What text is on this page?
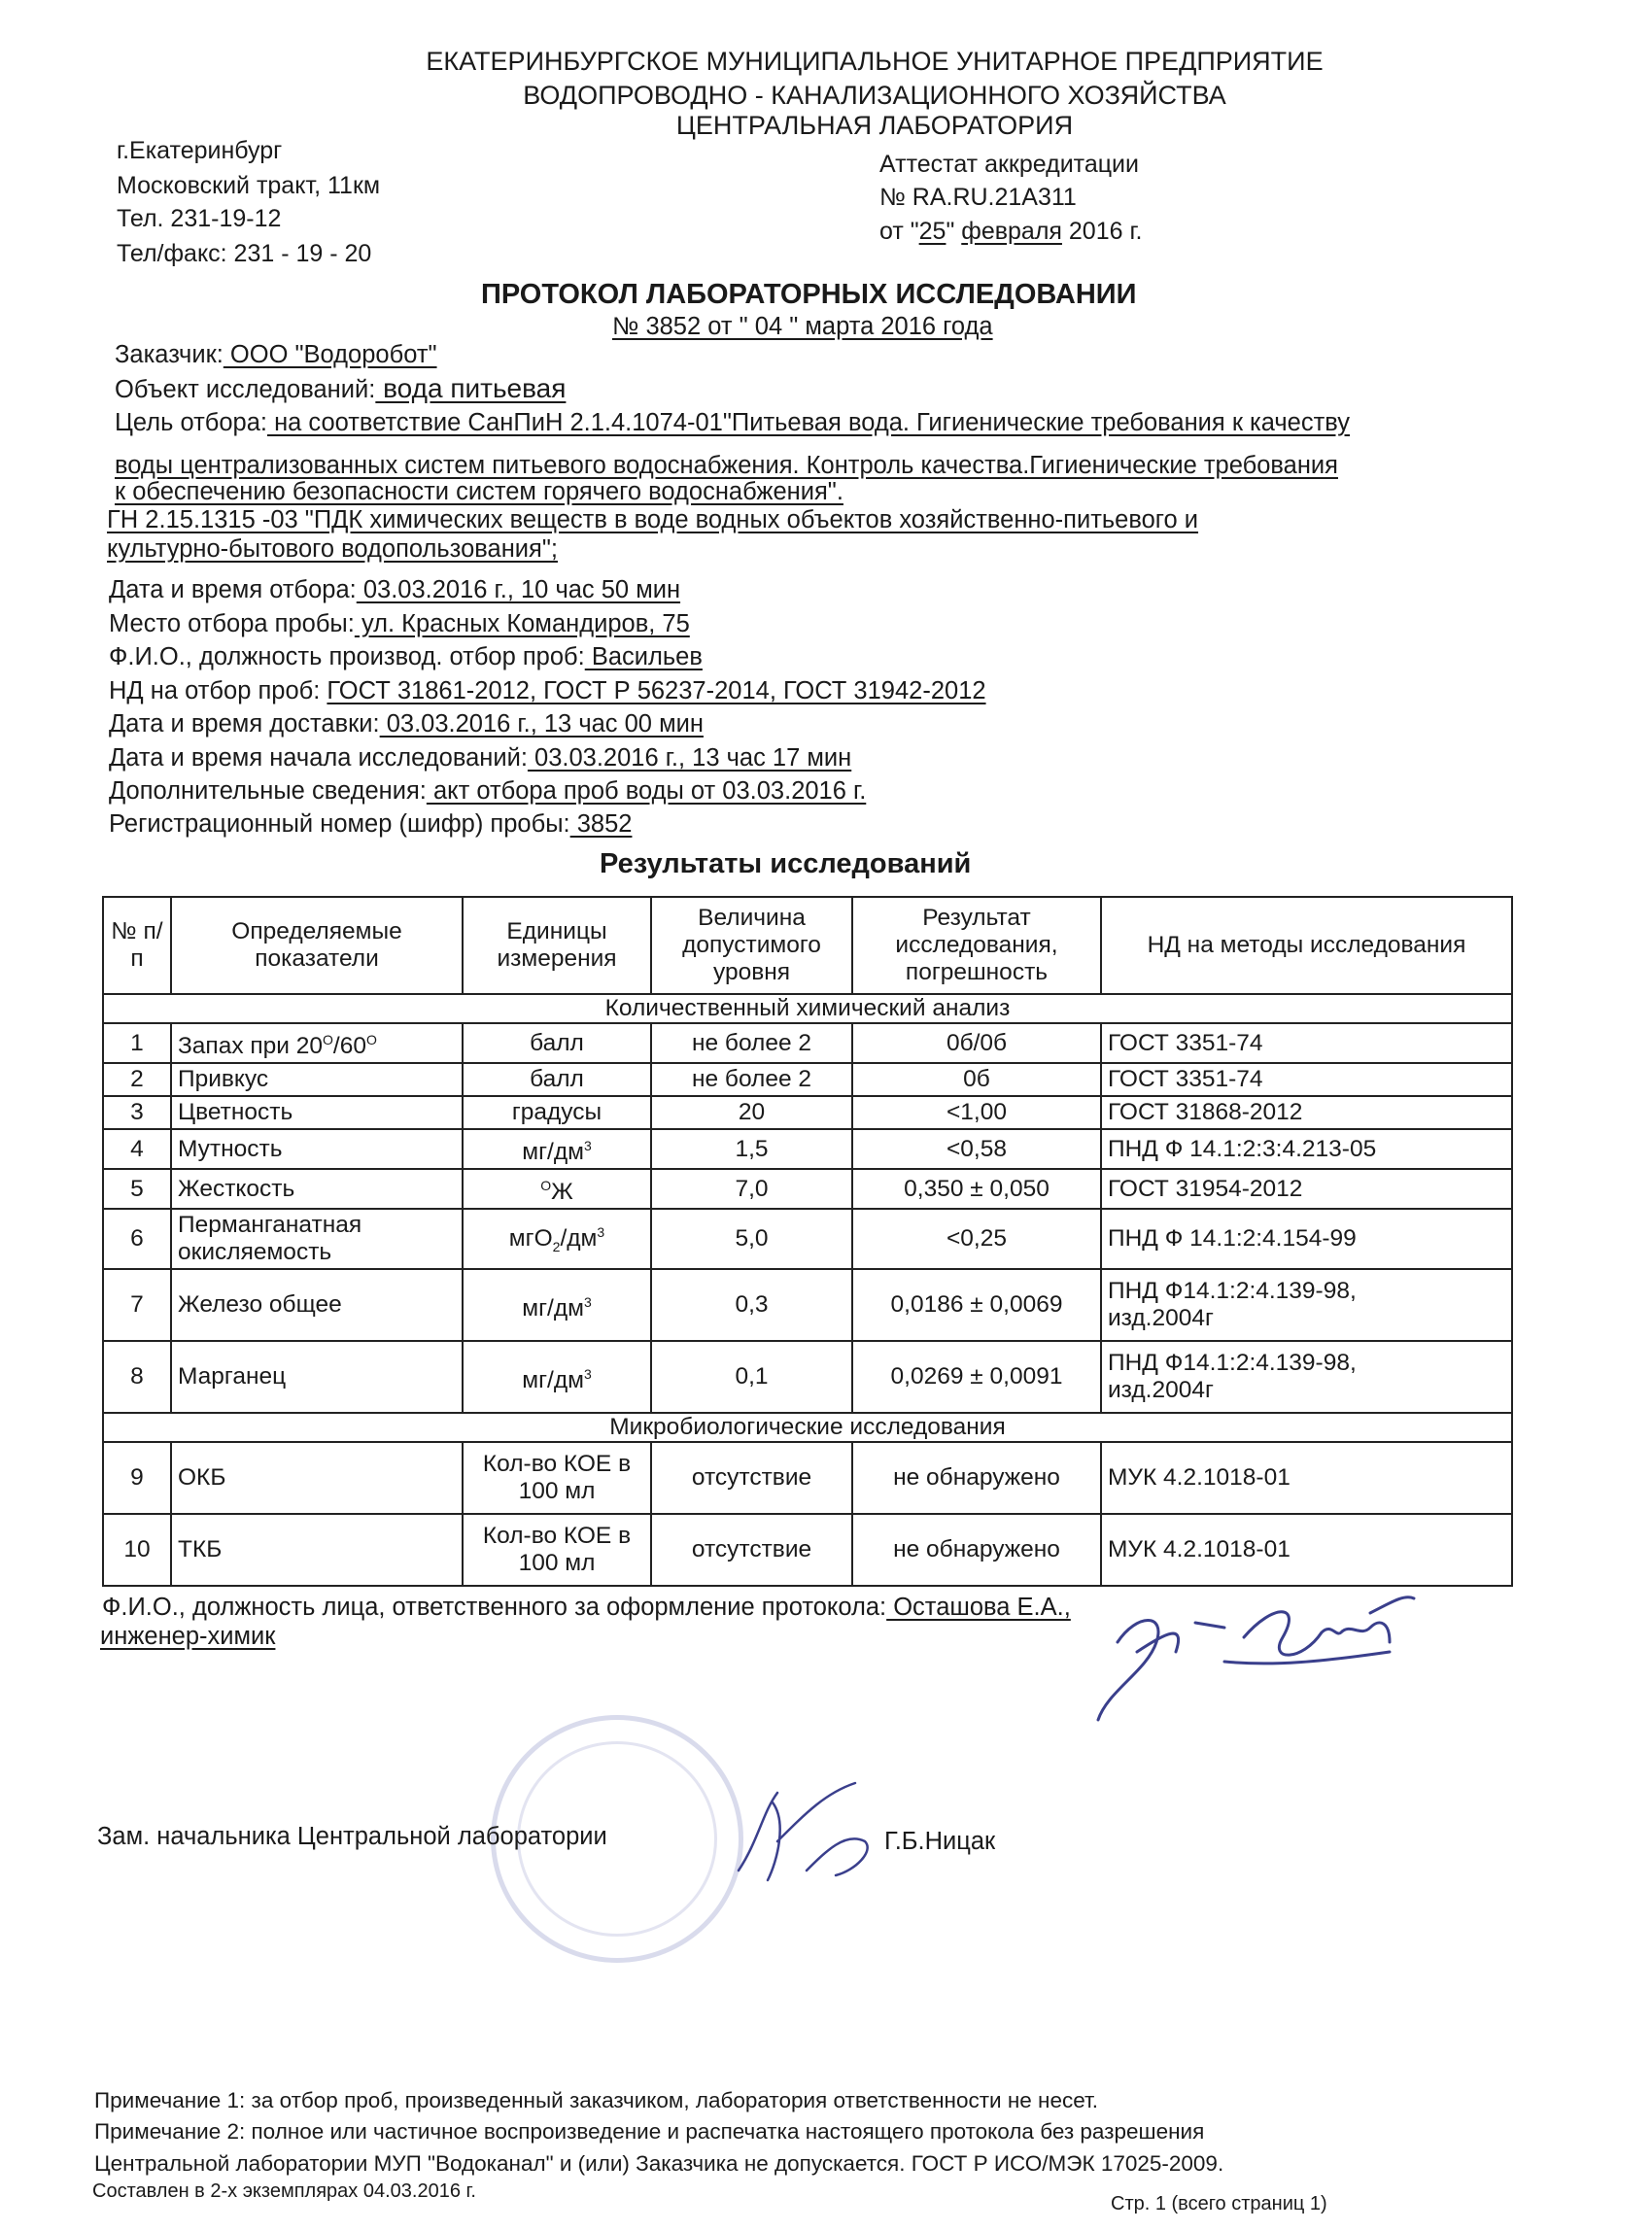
ЕКАТЕРИНБУРГСКОЕ МУНИЦИПАЛЬНОЕ УНИТАРНОЕ ПРЕДПРИЯТИЕ
ВОДОПРОВОДНО - КАНАЛИЗАЦИОННОГО ХОЗЯЙСТВА
ЦЕНТРАЛЬНАЯ ЛАБОРАТОРИЯ
г.Екатеринбург
Московский тракт, 11км
Тел. 231-19-12
Тел/факс: 231 - 19 - 20
Аттестат аккредитации
№ RA.RU.21A311
от "25" февраля 2016 г.
ПРОТОКОЛ ЛАБОРАТОРНЫХ ИССЛЕДОВАНИИ
№ 3852 от " 04 " марта 2016 года
Заказчик: ООО "Водоробот"
Объект исследований: вода питьевая
Цель отбора: на соответствие СанПиН 2.1.4.1074-01"Питьевая вода. Гигиенические требования к качеству
воды централизованных систем питьевого водоснабжения. Контроль качества.Гигиенические требования
к обеспечению безопасности систем горячего водоснабжения".
ГН 2.15.1315 -03 "ПДК химических веществ в воде водных объектов хозяйственно-питьевого и
культурно-бытового водопользования";
Дата и время отбора: 03.03.2016 г., 10 час 50 мин
Место отбора пробы: ул. Красных Командиров, 75
Ф.И.О., должность производ. отбор проб: Васильев
НД на отбор проб: ГОСТ 31861-2012, ГОСТ Р 56237-2014, ГОСТ 31942-2012
Дата и время доставки: 03.03.2016 г., 13 час 00 мин
Дата и время начала исследований: 03.03.2016 г., 13 час 17 мин
Дополнительные сведения: акт отбора проб воды от 03.03.2016 г.
Регистрационный номер (шифр) пробы: 3852
Результаты исследований
№ п/п	Определяемые показатели	Единицы измерения	Величина допустимого уровня	Результат исследования, погрешность	НД на методы исследования
Количественный химический анализ					
1	Запах при $20^О/60^О$	балл	не более 2	0б/0б	ГОСТ 3351-74
2	Привкус	балл	не более 2	0б	ГОСТ 3351-74
3	Цветность	градусы	20	<1,00	ГОСТ 31868-2012
4	Мутность	$мг/дм^3$	1,5	<0,58	ПНД Ф 14.1:2:3:4.213-05
5	Жесткость	$^О$Ж	7,0	0,350 ± 0,050	ГОСТ 31954-2012
6	Перманганатная
окисляемость	$мгО_2/дм^3$	5,0	<0,25	ПНД Ф 14.1:2:4.154-99
7	Железо общее	$мг/дм^3$	0,3	0,0186 ± 0,0069	ПНД Ф14.1:2:4.139-98,
изд.2004г

8	Марганец	$мг/дм^3$	0,1	0,0269 ± 0,0091	ПНД Ф14.1:2:4.139-98,
изд.2004г

Микробиологические исследования					
9	ОКБ	Кол-во КОЕ в
100 мл	отсутствие	не обнаружено	МУК 4.2.1018-01
10	ТКБ	Кол-во КОЕ в
100 мл	отсутствие	не обнаружено	МУК 4.2.1018-01
Ф.И.О., должность лица, ответственного за оформление протокола: Осташова Е.А.,
инженер-химик
Зам. начальника Центральной лаборатории	Г.Б.Ницак
Примечание 1: за отбор проб, произведенный заказчиком, лаборатория ответственности не несет.
Примечание 2: полное или частичное воспроизведение и распечатка настоящего протокола без разрешения
Центральной лаборатории МУП "Водоканал" и (или) Заказчика не допускается. ГОСТ Р ИСО/МЭК 17025-2009.
Составлен в 2-х экземплярах 04.03.2016 г.
Стр. 1 (всего страниц 1)
